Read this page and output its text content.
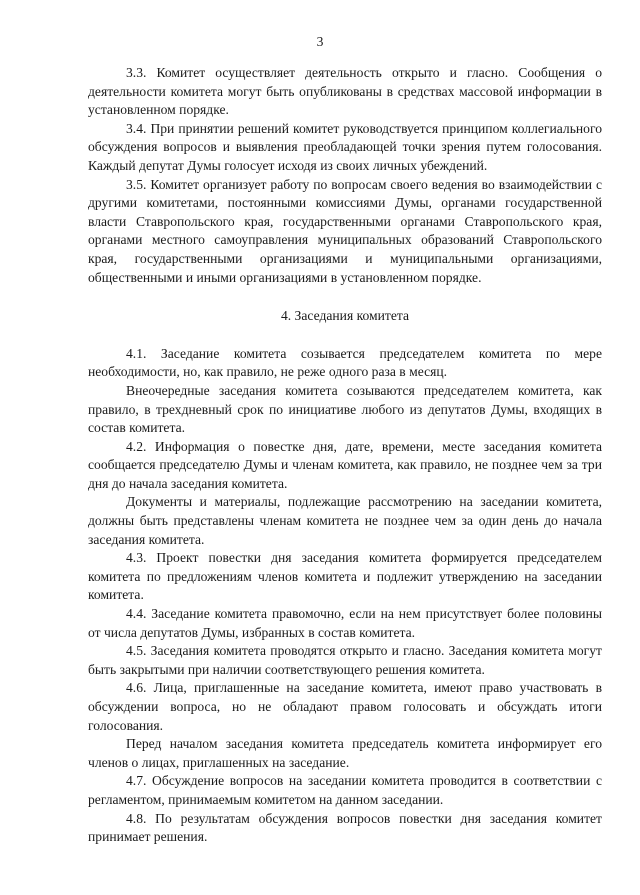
3

3.3. Комитет осуществляет деятельность открыто и гласно. Сообщения о деятельности комитета могут быть опубликованы в средствах массовой информации в установленном порядке.

3.4. При принятии решений комитет руководствуется принципом коллегиального обсуждения вопросов и выявления преобладающей точки зрения путем голосования. Каждый депутат Думы голосует исходя из своих личных убеждений.

3.5. Комитет организует работу по вопросам своего ведения во взаимодействии с другими комитетами, постоянными комиссиями Думы, органами государственной власти Ставропольского края, государственными органами Ставропольского края, органами местного самоуправления муниципальных образований Ставропольского края, государственными организациями и муниципальными организациями, общественными и иными организациями в установленном порядке.

4. Заседания комитета

4.1. Заседание комитета созывается председателем комитета по мере необходимости, но, как правило, не реже одного раза в месяц.

Внеочередные заседания комитета созываются председателем комитета, как правило, в трехдневный срок по инициативе любого из депутатов Думы, входящих в состав комитета.

4.2. Информация о повестке дня, дате, времени, месте заседания комитета сообщается председателю Думы и членам комитета, как правило, не позднее чем за три дня до начала заседания комитета.

Документы и материалы, подлежащие рассмотрению на заседании комитета, должны быть представлены членам комитета не позднее чем за один день до начала заседания комитета.

4.3. Проект повестки дня заседания комитета формируется председателем комитета по предложениям членов комитета и подлежит утверждению на заседании комитета.

4.4. Заседание комитета правомочно, если на нем присутствует более половины от числа депутатов Думы, избранных в состав комитета.

4.5. Заседания комитета проводятся открыто и гласно. Заседания комитета могут быть закрытыми при наличии соответствующего решения комитета.

4.6. Лица, приглашенные на заседание комитета, имеют право участвовать в обсуждении вопроса, но не обладают правом голосовать и обсуждать итоги голосования.

Перед началом заседания комитета председатель комитета информирует его членов о лицах, приглашенных на заседание.

4.7. Обсуждение вопросов на заседании комитета проводится в соответствии с регламентом, принимаемым комитетом на данном заседании.

4.8. По результатам обсуждения вопросов повестки дня заседания комитет принимает решения.
